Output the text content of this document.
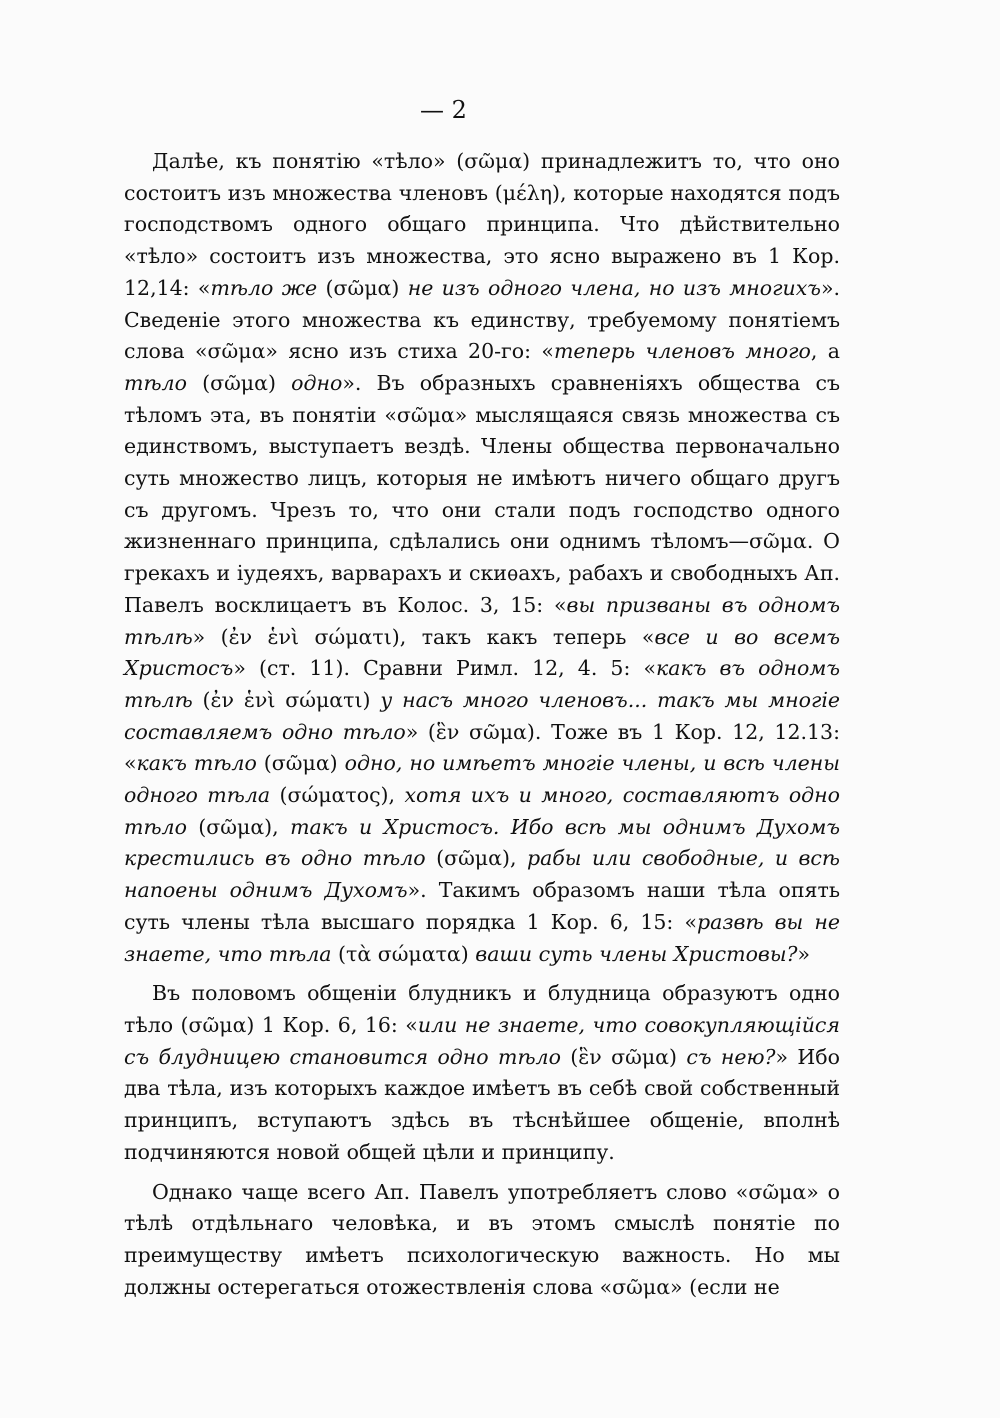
— 2

Далѣе, къ понятію «тѣло» (σῶμα) принадлежитъ то, что оно состоитъ изъ множества членовъ (μέλη), которые находятся подъ господствомъ одного общаго принципа. Что дѣйствительно «тѣло» состоитъ изъ множества, это ясно выражено въ 1 Кор. 12,14: «тѣло же (σῶμα) не изъ одного члена, но изъ многихъ». Сведеніе этого множества къ единству, требуемому понятіемъ слова «σῶμα» ясно изъ стиха 20-го: «теперь членовъ много, а тѣло (σῶμα) одно». Въ образныхъ сравненіяхъ общества съ тѣломъ эта, въ понятіи «σῶμα» мыслящаяся связь множества съ единствомъ, выступаетъ вездѣ. Члены общества первоначально суть множество лицъ, которыя не имѣютъ ничего общаго другъ съ другомъ. Чрезъ то, что они стали подъ господство одного жизненнаго принципа, сдѣлались они однимъ тѣломъ—σῶμα. О грекахъ и іудеяхъ, варварахъ и скиѳахъ, рабахъ и свободныхъ Ап. Павелъ восклицаетъ въ Колос. 3, 15: «вы призваны въ одномъ тѣлѣ» (ἐν ἑνὶ σώματι), такъ какъ теперь «все и во всемъ Христосъ» (ст. 11). Сравни Римл. 12, 4. 5: «какъ въ одномъ тѣлѣ (ἐν ἑνὶ σώματι) у насъ много членовъ... такъ мы многіе составляемъ одно тѣло» (ἓν σῶμα). Тоже въ 1 Кор. 12, 12.13: «какъ тѣло (σῶμα) одно, но имѣетъ многіе члены, и всѣ члены одного тѣла (σώματος), хотя ихъ и много, составляютъ одно тѣло (σῶμα), такъ и Христосъ. Ибо всѣ мы однимъ Духомъ крестились въ одно тѣло (σῶμα), рабы или свободные, и всѣ напоены однимъ Духомъ». Такимъ образомъ наши тѣла опять суть члены тѣла высшаго порядка 1 Кор. 6, 15: «развѣ вы не знаете, что тѣла (τὰ σώματα) ваши суть члены Христовы?»

Въ половомъ общеніи блудникъ и блудница образуютъ одно тѣло (σῶμα) 1 Кор. 6, 16: «или не знаете, что совокупляющійся съ блудницею становится одно тѣло (ἓν σῶμα) съ нею?» Ибо два тѣла, изъ которыхъ каждое имѣетъ въ себѣ свой собственный принципъ, вступаютъ здѣсь въ тѣснѣйшее общеніе, вполнѣ подчиняются новой общей цѣли и принципу.

Однако чаще всего Ап. Павелъ употребляетъ слово «σῶμα» о тѣлѣ отдѣльнаго человѣка, и въ этомъ смыслѣ понятіе по преимуществу имѣетъ психологическую важность. Но мы должны остерегаться отожествленія слова «σῶμα» (если не
